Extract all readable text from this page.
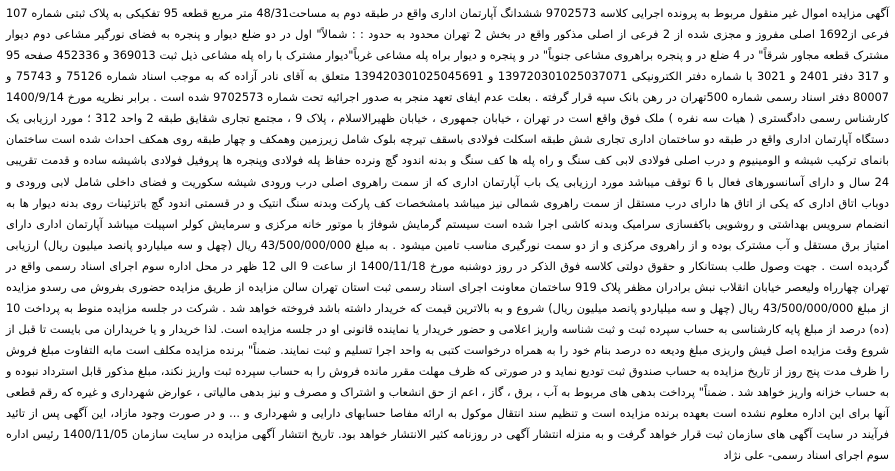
آگهی مزایده اموال غیر منقول مربوط به پرونده اجرایی کلاسه 9702573 ششدانگ آپارتمان اداری واقع در طبقه دوم به مساحت48/31 متر مربع قطعه 95 تفکیکی به پلاک ثبتی شماره 107 فرعی از1692 اصلی مفروز و مجزی شده از 2 فرعی از اصلی مذکور واقع در بخش 2 تهران محدود به حدود : : شمالاً" اول در دو ضلع دیوار و پنجره به فضای نورگیر مشاعی دوم دیوار مشترک قطعه مجاور شرقاً" در 4 ضلع در و پنجره براهروی مشاعی جنوباً" در و پنجره و دیوار براه پله مشاعی غرباً"دیوار مشترک با راه پله مشاعی ذیل ثبت 369013 و 452336 صفحه 95 و 317 دفتر 2401 و 3021 با شماره دفتر الکترونیکی 139720301025037071 و 139420301025045691 متعلق به آقای نادر آزاده که به موجب اسناد شماره 75126 و 75743 و 80007 دفتر اسناد رسمی شماره 500تهران در رهن بانک سپه قرار گرفته . بعلت عدم ایفای تعهد منجر به صدور اجرائیه تحت شماره 9702573 شده است . برابر نظریه مورخ 1400/9/14 کارشناس رسمی دادگستری ( هیات سه نفره ) ملک فوق واقع است در تهران ، خیابان جمهوری ، خیابان ظهیرالاسلام ، پلاک 9 ، مجتمع تجاری شقایق طبقه 2 واحد 312 ؛ مورد ارزیابی یک دستگاه آپارتمان اداری واقع در طبقه دو ساختمان اداری تجاری شش طبقه اسکلت فولادی باسقف تیرچه بلوک شامل زیرزمین وهمکف و چهار طبقه روی همکف احداث شده است ساختمان بانمای ترکیب شیشه و الومینیوم و درب اصلی فولادی لابی کف سنگ و راه پله ها کف سنگ و بدنه اندود گچ ونرده حفاظ پله فولادی وپنجره ها پروفیل فولادی باشیشه ساده و قدمت تقریبی 24 سال و دارای آسانسورهای فعال با 6 توقف میباشد مورد ارزیابی یک باب آپارتمان اداری که از سمت راهروی اصلی درب ورودی شیشه سکوریت و فضای داخلی شامل لابی ورودی و دوباب اتاق اداری که یکی از اتاق ها دارای درب مستقل از سمت راهروی شمالی نیز میباشد بامشخصات کف پارکت وبدنه سنگ انتیک و در قسمتی اندود گچ باتزئینات روی بدنه دیوار ها به انضمام سرویس بهداشتی و روشویی باکفسازی سرامیک وبدنه کاشی اجرا شده است سیستم گرمایش شوفاژ با موتور خانه مرکزی و سرمایش کولر اسپیلت میباشد آپارتمان اداری دارای امتیاز برق مستقل و آب مشترک بوده و از راهروی مرکزی و از دو سمت نورگیری مناسب تامین میشود . به مبلغ 43/500/000/000 ریال (چهل و سه میلیاردو پانصد میلیون ریال) ارزیابی گردیده است . جهت وصول طلب بستانکار و حقوق دولتی کلاسه فوق الذکر در روز دوشنبه مورخ 1400/11/18 از ساعت 9 الی 12 ظهر در محل اداره سوم اجرای اسناد رسمی واقع در تهران چهارراه ولیعصر خیابان انقلاب نبش برادران مظفر پلاک 919 ساختمان معاونت اجرای اسناد رسمی ثبت استان تهران سالن مزایده از طریق مزایده حضوری بفروش می رسدو مزایده از مبلغ 43/500/000/000 ریال (چهل و سه میلیاردو پانصد میلیون ریال) شروع و به بالاترین قیمت که خریدار داشته باشد فروخته خواهد شد . شرکت در جلسه مزایده منوط به پرداخت 10 (ده) درصد از مبلغ پایه کارشناسی به حساب سپرده ثبت و ثبت شناسه واریز اعلامی و حضور خریدار یا نماینده قانونی او در جلسه مزایده است. لذا خریدار و یا خریداران می بایست تا قبل از شروع وقت مزایده اصل فیش واریزی مبلغ ودیعه ده درصد بنام خود را به همراه درخواست کتبی به واحد اجرا تسلیم و ثبت نمایند. ضمناً" برنده مزایده مکلف است مابه التفاوت مبلغ فروش را ظرف مدت پنج روز از تاریخ مزایده به حساب صندوق ثبت تودیع نماید و در صورتی که ظرف مهلت مقرر مانده فروش را به حساب سپرده ثبت واریز نکند، مبلغ مذکور قابل استرداد نبوده و به حساب خزانه واریز خواهد شد . ضمناً" پرداخت بدهی های مربوط به آب ، برق ، گاز ، اعم از حق انشعاب و اشتراک و مصرف و نیز بدهی مالیاتی ، عوارض شهرداری و غیره که رقم قطعی آنها برای این اداره معلوم نشده است بعهده برنده مزایده است و تنظیم سند انتقال موکول به ارائه مفاصا حسابهای دارایی و شهرداری و ... و در صورت وجود مازاد، این آگهی پس از تائید فرآیند در سایت آگهی های سازمان ثبت قرار خواهد گرفت و به منزله انتشار آگهی در روزنامه کثیر الانتشار خواهد بود. تاریخ انتشار آگهی مزایده در سایت سازمان 1400/11/05 رئیس اداره سوم اجرای اسناد رسمی- علی نژاد
